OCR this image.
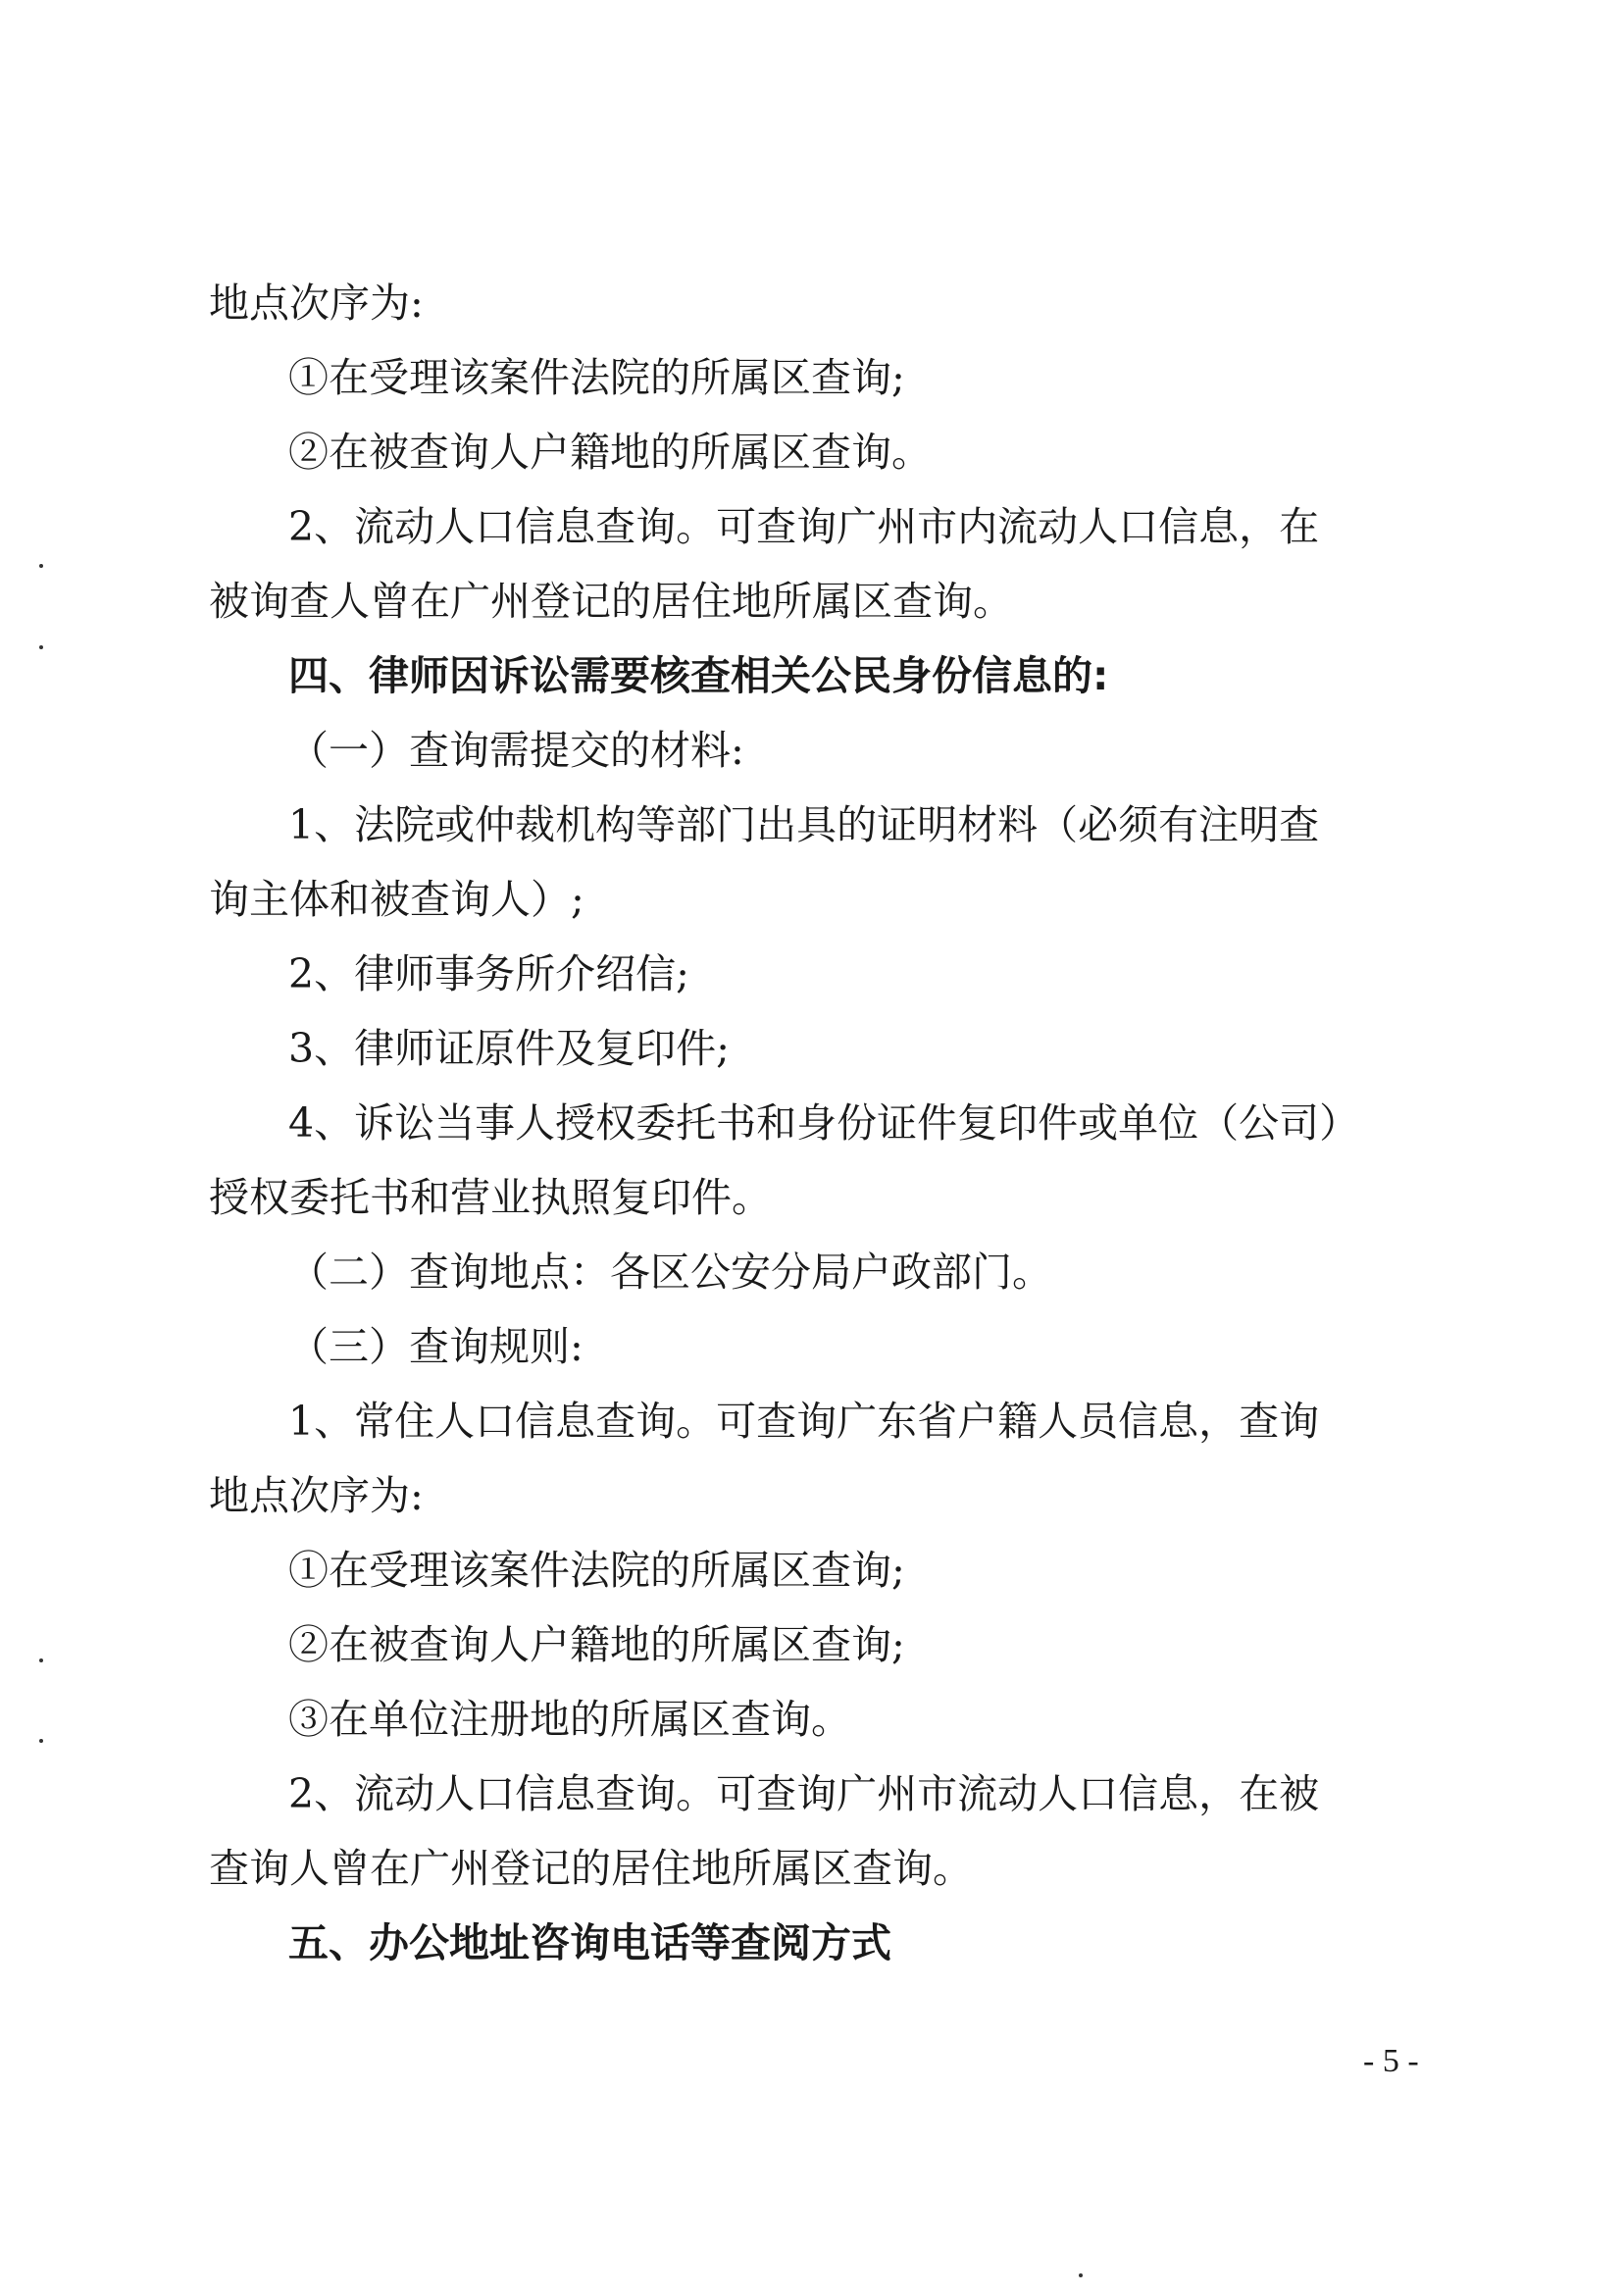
地点次序为:
①在受理该案件法院的所属区查询;
②在被查询人户籍地的所属区查询。
2、流动人口信息查询。可查询广州市内流动人口信息，在
被询查人曾在广州登记的居住地所属区查询。
四、律师因诉讼需要核查相关公民身份信息的:
（一）查询需提交的材料:
1、法院或仲裁机构等部门出具的证明材料（必须有注明查
询主体和被查询人）;
2、律师事务所介绍信;
3、律师证原件及复印件;
4、诉讼当事人授权委托书和身份证件复印件或单位（公司）
授权委托书和营业执照复印件。
（二）查询地点：各区公安分局户政部门。
（三）查询规则:
1、常住人口信息查询。可查询广东省户籍人员信息，查询
地点次序为:
①在受理该案件法院的所属区查询;
②在被查询人户籍地的所属区查询;
③在单位注册地的所属区查询。
2、流动人口信息查询。可查询广州市流动人口信息，在被
查询人曾在广州登记的居住地所属区查询。
五、办公地址咨询电话等查阅方式
- 5 -
